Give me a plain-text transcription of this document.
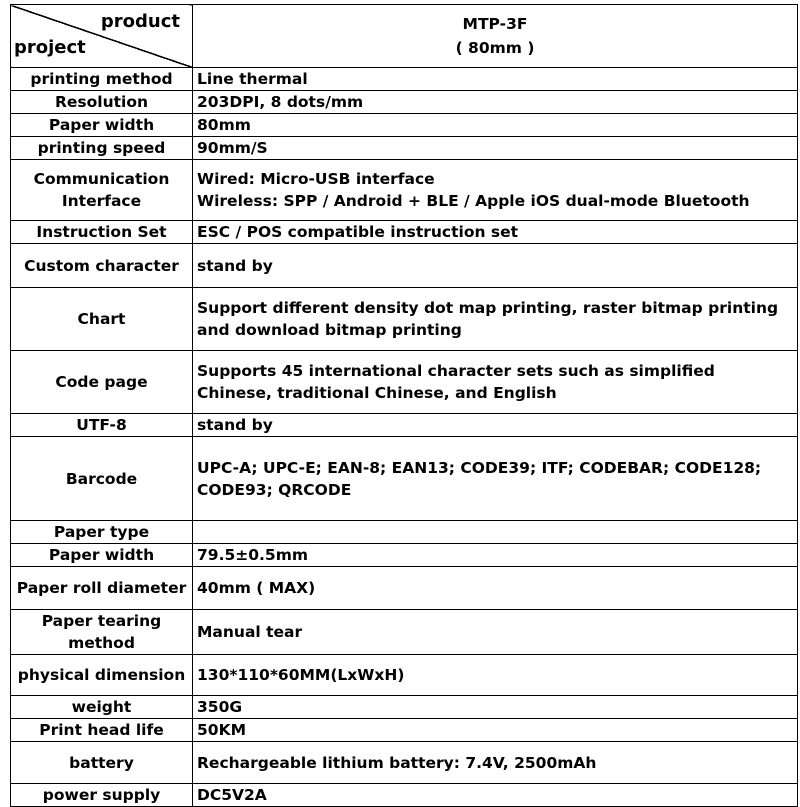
product
project	MTP-3F
( 80mm )

printing method	Line thermal
Resolution	203DPI, 8 dots/mm
Paper width	80mm
printing speed	90mm/S
Communication Interface	Wired: Micro-USB interface
Wireless: SPP / Android + BLE / Apple iOS dual-mode Bluetooth

Instruction Set	ESC / POS compatible instruction set
Custom character	stand by
Chart	Support different density dot map printing, raster bitmap printing and download bitmap printing
Code page	Supports 45 international character sets such as simplified Chinese, traditional Chinese, and English
UTF-8	stand by
Barcode	UPC-A; UPC-E; EAN-8; EAN13; CODE39; ITF; CODEBAR; CODE128; CODE93; QRCODE
Paper type	
Paper width	79.5±0.5mm
Paper roll diameter	40mm ( MAX)
Paper tearing method	Manual tear
physical dimension	130*110*60MM(LxWxH)
weight	350G
Print head life	50KM
battery	Rechargeable lithium battery: 7.4V, 2500mAh
power supply	DC5V2A
